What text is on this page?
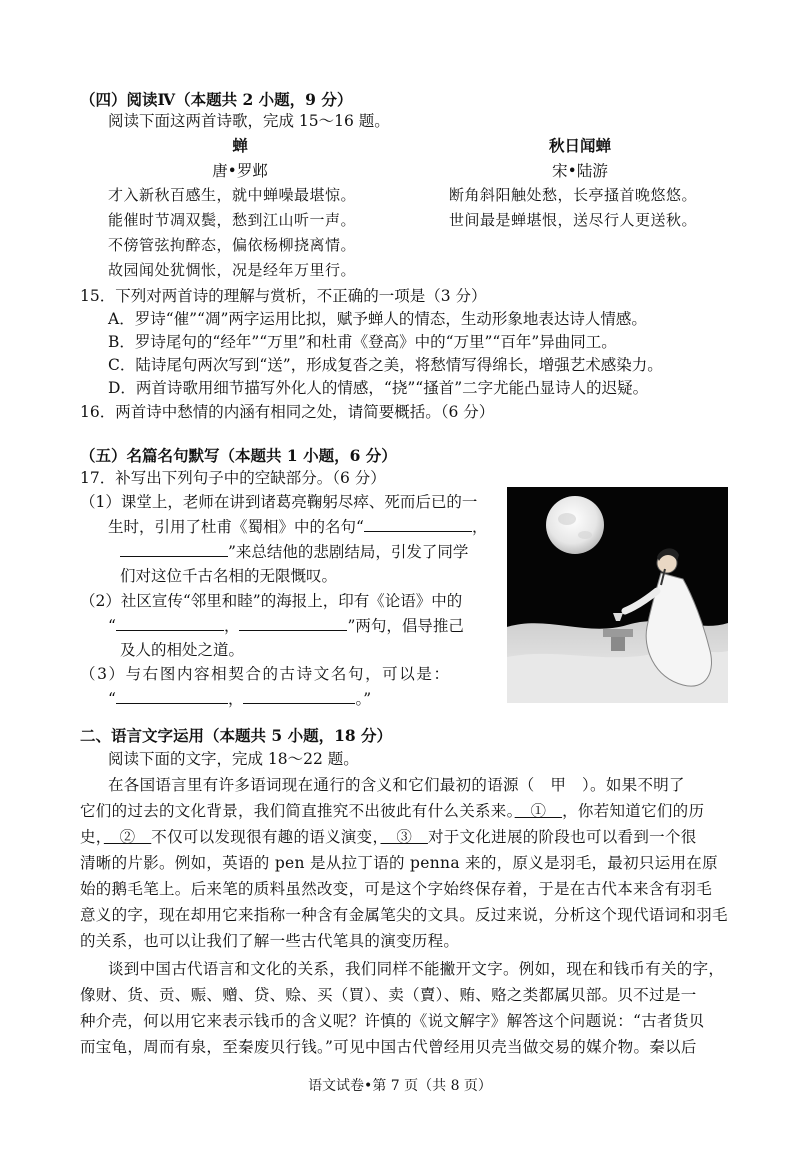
（四）阅读Ⅳ（本题共 2 小题，9 分）
阅读下面这两首诗歌，完成 15～16 题。
蝉
唐•罗邺
才入新秋百感生，就中蝉噪最堪惊。
能催时节凋双鬓，愁到江山听一声。
不傍管弦拘醉态，偏依杨柳挠离情。
故园闻处犹惆怅，况是经年万里行。
秋日闻蝉
宋•陆游
断角斜阳触处愁，长亭搔首晚悠悠。
世间最是蝉堪恨，送尽行人更送秋。
15．下列对两首诗的理解与赏析，不正确的一项是（3 分）
A．罗诗“催”“凋”两字运用比拟，赋予蝉人的情态，生动形象地表达诗人情感。
B．罗诗尾句的“经年”“万里”和杜甫《登高》中的“万里”“百年”异曲同工。
C．陆诗尾句两次写到“送”，形成复沓之美，将愁情写得绵长，增强艺术感染力。
D．两首诗歌用细节描写外化人的情感，“挠”“搔首”二字尤能凸显诗人的迟疑。
16．两首诗中愁情的内涵有相同之处，请简要概括。（6 分）
（五）名篇名句默写（本题共 1 小题，6 分）
17．补写出下列句子中的空缺部分。（6 分）
（1）课堂上，老师在讲到诸葛亮鞠躬尽瘁、死而后已的一
生时，引用了杜甫《蜀相》中的名句“	，
”来总结他的悲剧结局，引发了同学
们对这位千古名相的无限慨叹。
（2）社区宣传“邻里和睦”的海报上，印有《论语》中的
“	，	”两句，倡导推己
及人的相处之道。
（3）与右图内容相契合的古诗文名句，可以是：
“	，	。”
二、语言文字运用（本题共 5 小题，18 分）
阅读下面的文字，完成 18～22 题。
在各国语言里有许多语词现在通行的含义和它们最初的语源（　甲　）。如果不明了
它们的过去的文化背景，我们简直推究不出彼此有什么关系来。　①　，你若知道它们的历
史，　②　不仅可以发现很有趣的语义演变，　③　对于文化进展的阶段也可以看到一个很
清晰的片影。例如，英语的 pen 是从拉丁语的 penna 来的，原义是羽毛，最初只运用在原
始的鹅毛笔上。后来笔的质料虽然改变，可是这个字始终保存着，于是在古代本来含有羽毛
意义的字，现在却用它来指称一种含有金属笔尖的文具。反过来说，分析这个现代语词和羽毛
的关系，也可以让我们了解一些古代笔具的演变历程。
谈到中国古代语言和文化的关系，我们同样不能撇开文字。例如，现在和钱币有关的字，
像财、货、贡、赈、赠、贷、赊、买（買）、卖（賣）、贿、赂之类都属贝部。贝不过是一
种介壳，何以用它来表示钱币的含义呢？许慎的《说文解字》解答这个问题说：“古者货贝
而宝龟，周而有泉，至秦废贝行钱。”可见中国古代曾经用贝壳当做交易的媒介物。秦以后
语文试卷•第 7 页（共 8 页）
